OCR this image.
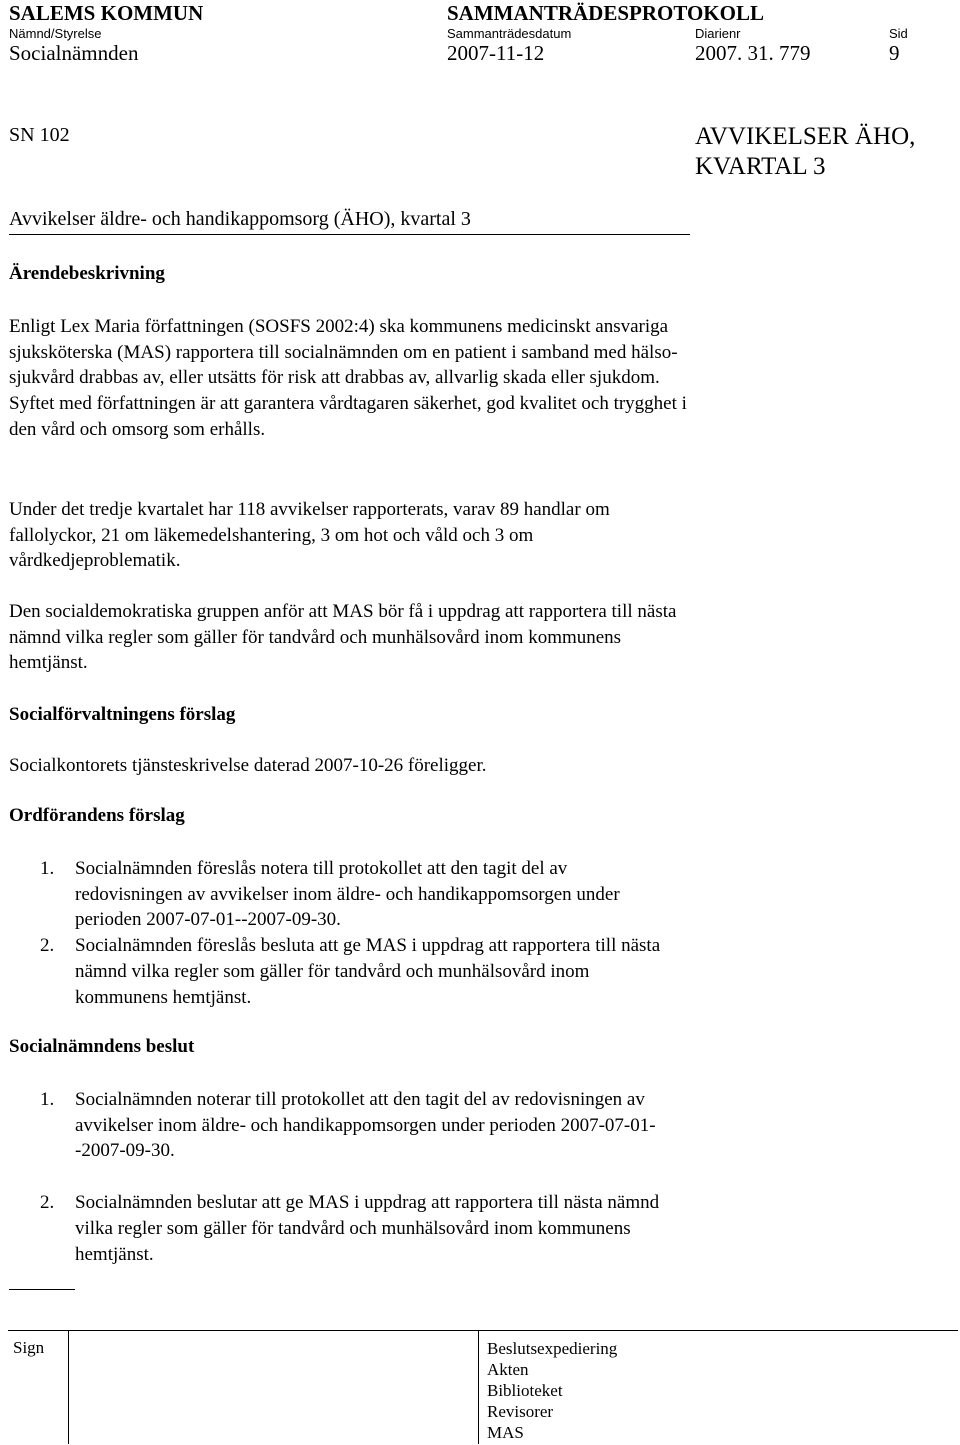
SALEMS KOMMUN	SAMMANTRÄDESPROTOKOLL
Nämnd/Styrelse	Sammanträdesdatum	Diarienr	Sid
Socialnämnden	2007-11-12	2007. 31. 779	9
SN 102	AVVIKELSER ÄHO,
KVARTAL 3
Avvikelser äldre- och handikappomsorg (ÄHO), kvartal 3
Ärendebeskrivning

Enligt Lex Maria författningen (SOSFS 2002:4) ska kommunens medicinskt ansvariga sjuksköterska (MAS) rapportera till socialnämnden om en patient i samband med hälso- sjukvård drabbas av, eller utsätts för risk att drabbas av, allvarlig skada eller sjukdom. Syftet med författningen är att garantera vårdtagaren säkerhet, god kvalitet och trygghet i den vård och omsorg som erhålls.

Under det tredje kvartalet har 118 avvikelser rapporterats, varav 89 handlar om fallolyckor, 21 om läkemedelshantering, 3 om hot och våld och 3 om vårdkedjeproblematik.

Den socialdemokratiska gruppen anför att MAS bör få i uppdrag att rapportera till nästa nämnd vilka regler som gäller för tandvård och munhälsovård inom kommunens hemtjänst.

Socialförvaltningens förslag

Socialkontorets tjänsteskrivelse daterad 2007-10-26 föreligger.

Ordförandens förslag
1. Socialnämnden föreslås notera till protokollet att den tagit del av redovisningen av avvikelser inom äldre- och handikappomsorgen under perioden 2007-07-01--2007-09-30.
2. Socialnämnden föreslås besluta att ge MAS i uppdrag att rapportera till nästa nämnd vilka regler som gäller för tandvård och munhälsovård inom kommunens hemtjänst.
Socialnämndens beslut
1. Socialnämnden noterar till protokollet att den tagit del av redovisningen av avvikelser inom äldre- och handikappomsorgen under perioden 2007-07-01--2007-09-30.
2. Socialnämnden beslutar att ge MAS i uppdrag att rapportera till nästa nämnd vilka regler som gäller för tandvård och munhälsovård inom kommunens hemtjänst.
Sign	Beslutsexpediering
Akten
Biblioteket
Revisorer
MAS
